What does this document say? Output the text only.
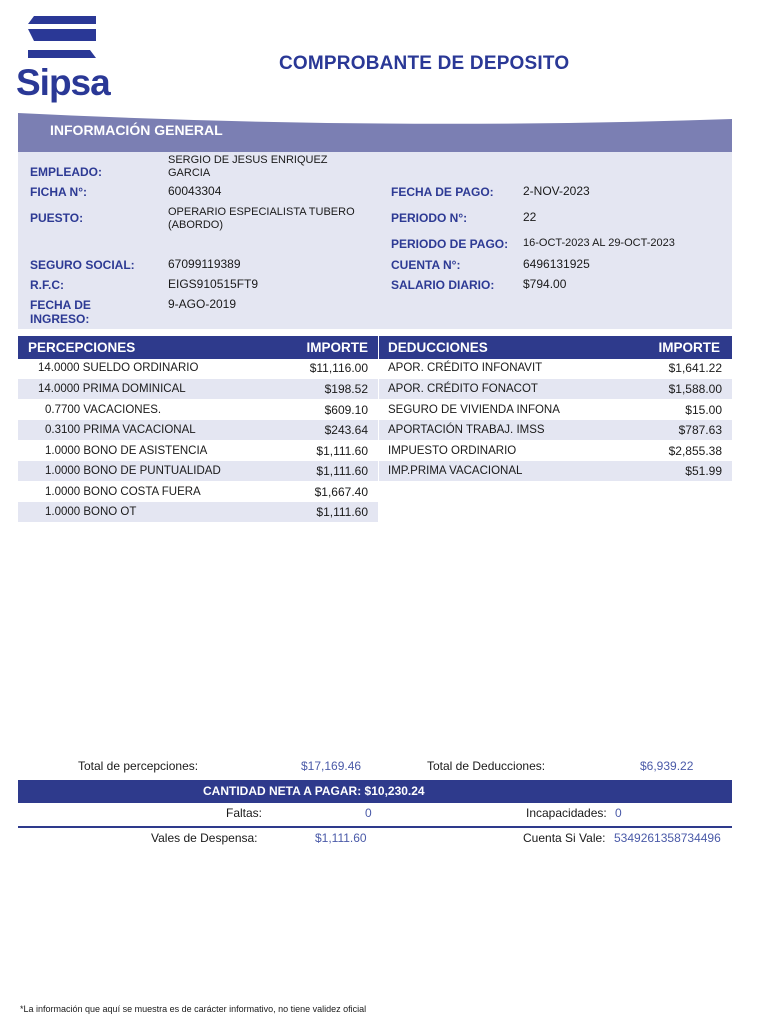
Sipsa	COMPROBANTE DE DEPOSITO
INFORMACIÓN GENERAL
EMPLEADO:
SERGIO DE JESUS ENRIQUEZ
GARCIA
FICHA N°:	60043304
PUESTO:	OPERARIO ESPECIALISTA TUBERO
(ABORDO)
SEGURO SOCIAL:	67099119389
R.F.C:	EIGS910515FT9
FECHA DE
INGRESO:
9-AGO-2019
FECHA DE PAGO: 2-NOV-2023
PERIODO N°:	22
PERIODO DE PAGO: 16-OCT-2023 AL 29-OCT-2023
CUENTA N°:	6496131925
SALARIO DIARIO: $794.00
PERCEPCIONES	IMPORTE DEDUCCIONES	IMPORTE
14.0000 SUELDO ORDINARIO	$11,116.00
14.0000 PRIMA DOMINICAL	$198.52
0.7700 VACACIONES.	$609.10
0.3100 PRIMA VACACIONAL	$243.64
1.0000 BONO DE ASISTENCIA	$1,111.60
1.0000 BONO DE PUNTUALIDAD	$1,111.60
1.0000 BONO COSTA FUERA	$1,667.40
1.0000 BONO OT	$1,111.60
APOR. CRÉDITO INFONAVIT	$1,641.22
APOR. CRÉDITO FONACOT	$1,588.00
SEGURO DE VIVIENDA INFONA	$15.00
APORTACIÓN TRABAJ. IMSS	$787.63
IMPUESTO ORDINARIO	$2,855.38
IMP.PRIMA VACACIONAL	$51.99
Total de percepciones:	$17,169.46	Total de Deducciones:	$6,939.22
CANTIDAD NETA A PAGAR: $10,230.24
Faltas:	0	Incapacidades: 0
Vales de Despensa:	$1,111.60	Cuenta Si Vale: 5349261358734496
*La información que aquí se muestra es de carácter informativo, no tiene validez oficial
